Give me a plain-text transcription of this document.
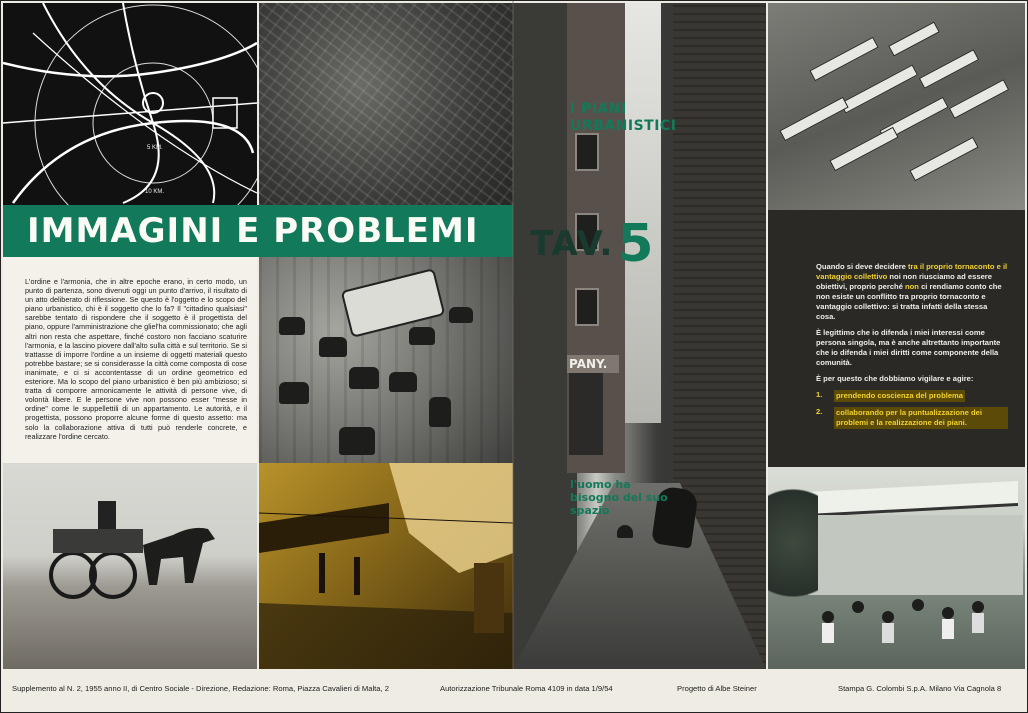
5 KM.
10 KM.
IMMAGINI E PROBLEMI
L'ordine e l'armonia, che in altre epoche erano, in certo modo, un punto di partenza, sono divenuti oggi un punto d'arrivo, il risultato di un atto deliberato di riflessione. Se questo è l'oggetto e lo scopo del piano urbanistico, chi è il soggetto che lo fa? Il "cittadino qualsiasi" sarebbe tentato di rispondere che il soggetto è il progettista del piano, oppure l'amministrazione che gliel'ha commissionato; che agli altri non resta che aspettare, finché costoro non facciano scaturire l'armonia, e la lascino piovere dall'alto sulla città e sul territorio. Se si trattasse di imporre l'ordine a un insieme di oggetti materiali questo potrebbe bastare; se si considerasse la città come composta di cose inanimate, e ci si accontentasse di un ordine geometrico ed esteriore. Ma lo scopo del piano urbanistico è ben più ambizioso; si tratta di comporre armonicamente le attività di persone vive, di volontà libere. E le persone vive non possono esser "messe in ordine" come le suppellettili di un appartamento. Le autorità, e il progettista, possono proporre alcune forme di questo assetto: ma solo la collaborazione attiva di tutti può renderle concrete, e realizzare l'ordine cercato.
PANY.
I PIANI
URBANISTICI
TAV.5
l'uomo ha bisogno del suo spazio

Quando si deve decidere tra il proprio tornaconto e il vantaggio collettivo noi non riusciamo ad essere obiettivi, proprio perché non ci rendiamo conto che non esiste un conflitto tra proprio tornaconto e vantaggio collettivo: si tratta infatti della stessa cosa.

È legittimo che io difenda i miei interessi come persona singola, ma è anche altrettanto importante che io difenda i miei diritti come componente della comunità.

È per questo che dobbiamo vigilare e agire:

1.	prendendo coscienza del problema
2.	collaborando per la puntualizzazione dei problemi e la realizzazione dei piani.
Supplemento al N. 2, 1955 anno II, di Centro Sociale - Direzione, Redazione: Roma, Piazza Cavalieri di Malta, 2	Autorizzazione Tribunale Roma 4109 in data 1/9/54	Progetto di Albe Steiner	Stampa G. Colombi S.p.A. Milano Via Cagnola 8
